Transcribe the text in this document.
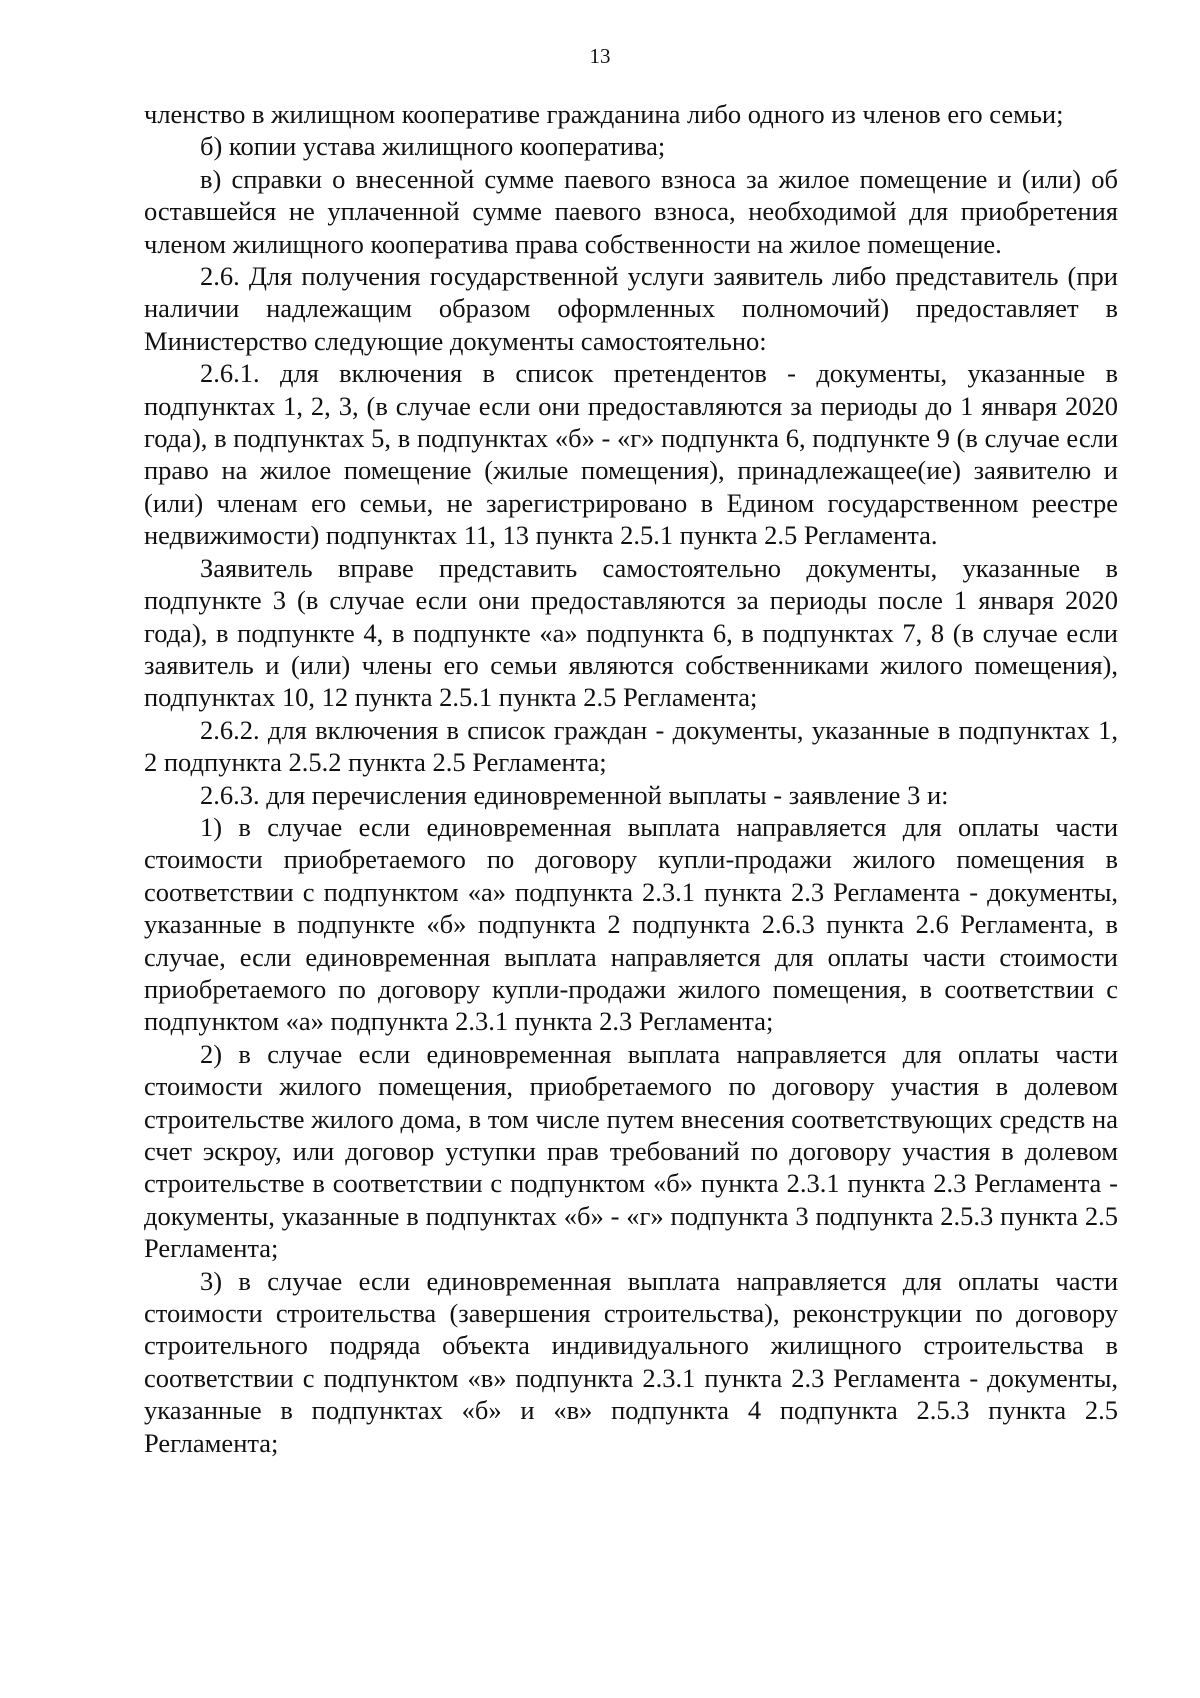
13

членство в жилищном кооперативе гражданина либо одного из членов его семьи;

б) копии устава жилищного кооператива;

в) справки о внесенной сумме паевого взноса за жилое помещение и (или) об оставшейся не уплаченной сумме паевого взноса, необходимой для приобретения членом жилищного кооператива права собственности на жилое помещение.

2.6. Для получения государственной услуги заявитель либо представитель (при наличии надлежащим образом оформленных полномочий) предоставляет в Министерство следующие документы самостоятельно:

2.6.1. для включения в список претендентов - документы, указанные в подпунктах 1, 2, 3, (в случае если они предоставляются за периоды до 1 января 2020 года), в подпунктах 5, в подпунктах «б» - «г» подпункта 6, подпункте 9 (в случае если право на жилое помещение (жилые помещения), принадлежащее(ие) заявителю и (или) членам его семьи, не зарегистрировано в Едином государственном реестре недвижимости) подпунктах 11, 13 пункта 2.5.1 пункта 2.5 Регламента.

Заявитель вправе представить самостоятельно документы, указанные в подпункте 3 (в случае если они предоставляются за периоды после 1 января 2020 года), в подпункте 4, в подпункте «а» подпункта 6, в подпунктах 7, 8 (в случае если заявитель и (или) члены его семьи являются собственниками жилого помещения), подпунктах 10, 12 пункта 2.5.1 пункта 2.5 Регламента;

2.6.2. для включения в список граждан - документы, указанные в подпунктах 1, 2 подпункта 2.5.2 пункта 2.5 Регламента;

2.6.3. для перечисления единовременной выплаты - заявление 3 и:

1) в случае если единовременная выплата направляется для оплаты части стоимости приобретаемого по договору купли-продажи жилого помещения в соответствии с подпунктом «а» подпункта 2.3.1 пункта 2.3 Регламента - документы, указанные в подпункте «б» подпункта 2 подпункта 2.6.3 пункта 2.6 Регламента, в случае, если единовременная выплата направляется для оплаты части стоимости приобретаемого по договору купли-продажи жилого помещения, в соответствии с подпунктом «а» подпункта 2.3.1 пункта 2.3 Регламента;

2) в случае если единовременная выплата направляется для оплаты части стоимости жилого помещения, приобретаемого по договору участия в долевом строительстве жилого дома, в том числе путем внесения соответствующих средств на счет эскроу, или договор уступки прав требований по договору участия в долевом строительстве в соответствии с подпунктом «б» пункта 2.3.1 пункта 2.3 Регламента - документы, указанные в подпунктах «б» - «г» подпункта 3 подпункта 2.5.3 пункта 2.5 Регламента;

3) в случае если единовременная выплата направляется для оплаты части стоимости строительства (завершения строительства), реконструкции по договору строительного подряда объекта индивидуального жилищного строительства в соответствии с подпунктом «в» подпункта 2.3.1 пункта 2.3 Регламента - документы, указанные в подпунктах «б» и «в» подпункта 4 подпункта 2.5.3 пункта 2.5 Регламента;
